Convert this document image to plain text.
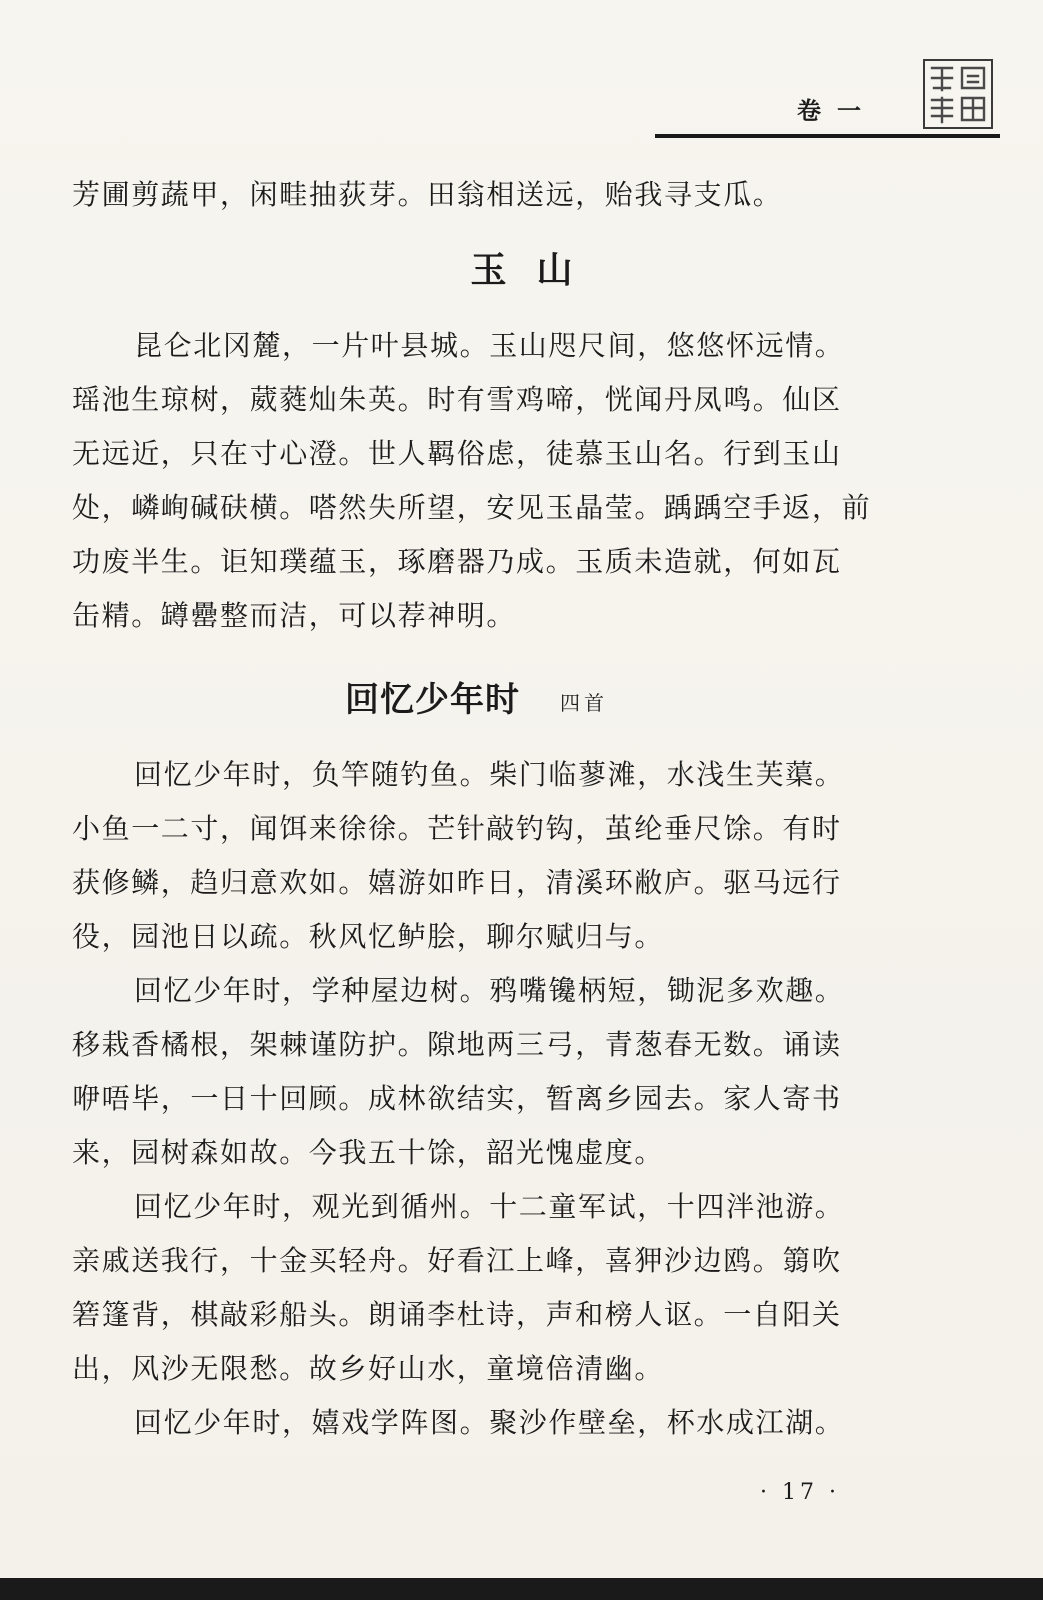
卷一
芳圃剪蔬甲，闲畦抽荻芽。田翁相送远，贻我寻支瓜。
玉山
昆仑北冈麓，一片叶县城。玉山咫尺间，悠悠怀远情。
瑶池生琼树，葳蕤灿朱英。时有雪鸡啼，恍闻丹凤鸣。仙区
无远近，只在寸心澄。世人羁俗虑，徒慕玉山名。行到玉山
处，嶙峋碱砆横。嗒然失所望，安见玉晶莹。踽踽空手返，前
功废半生。讵知璞蕴玉，琢磨器乃成。玉质未造就，何如瓦
缶精。罇罍整而洁，可以荐神明。
回忆少年时 四首
回忆少年时，负竿随钓鱼。柴门临蓼滩，水浅生芙蕖。
小鱼一二寸，闻饵来徐徐。芒针敲钓钩，茧纶垂尺馀。有时
获修鳞，趋归意欢如。嬉游如昨日，清溪环敝庐。驱马远行
役，园池日以疏。秋风忆鲈脍，聊尔赋归与。
回忆少年时，学种屋边树。鸦嘴镵柄短，锄泥多欢趣。
移栽香橘根，架棘谨防护。隙地两三弓，青葱春无数。诵读
咿唔毕，一日十回顾。成林欲结实，暂离乡园去。家人寄书
来，园树森如故。今我五十馀，韶光愧虚度。
回忆少年时，观光到循州。十二童军试，十四泮池游。
亲戚送我行，十金买轻舟。好看江上峰，喜狎沙边鸥。篛吹
箬篷背，棋敲彩船头。朗诵李杜诗，声和榜人讴。一自阳关
出，风沙无限愁。故乡好山水，童境倍清幽。
回忆少年时，嬉戏学阵图。聚沙作壁垒，杯水成江湖。
· 17 ·
